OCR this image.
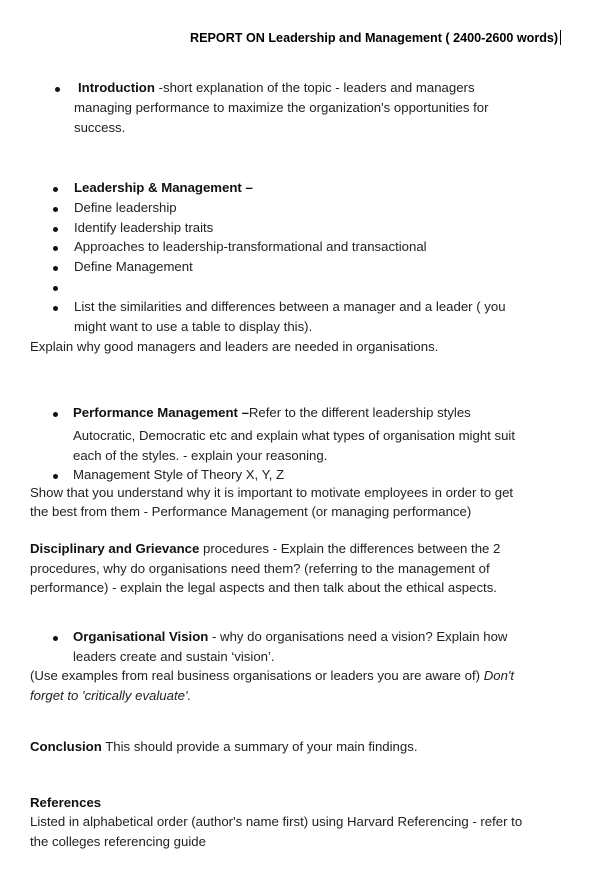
REPORT ON Leadership and Management ( 2400-2600 words)
Introduction -short explanation of the topic - leaders and managers
managing performance to maximize the organization's opportunities for
success.
Leadership & Management –
Define leadership
Identify leadership traits
Approaches to leadership-transformational and transactional
Define Management
List the similarities and differences between a manager and a leader ( you
might want to use a table to display this).
Explain why good managers and leaders are needed in organisations.
Performance Management –Refer to the different leadership styles
Autocratic, Democratic etc and explain what types of organisation might suit
each of the styles. - explain your reasoning.
Management Style of Theory X, Y, Z
Show that you understand why it is important to motivate employees in order to get
the best from them - Performance Management (or managing performance)
Disciplinary and Grievance procedures - Explain the differences between the 2
procedures, why do organisations need them? (referring to the management of
performance) - explain the legal aspects and then talk about the ethical aspects.
Organisational Vision - why do organisations need a vision? Explain how
leaders create and sustain ‘vision’.
(Use examples from real business organisations or leaders you are aware of) Don't
forget to 'critically evaluate'.
Conclusion This should provide a summary of your main findings.
References
Listed in alphabetical order (author's name first) using Harvard Referencing - refer to
the colleges referencing guide
